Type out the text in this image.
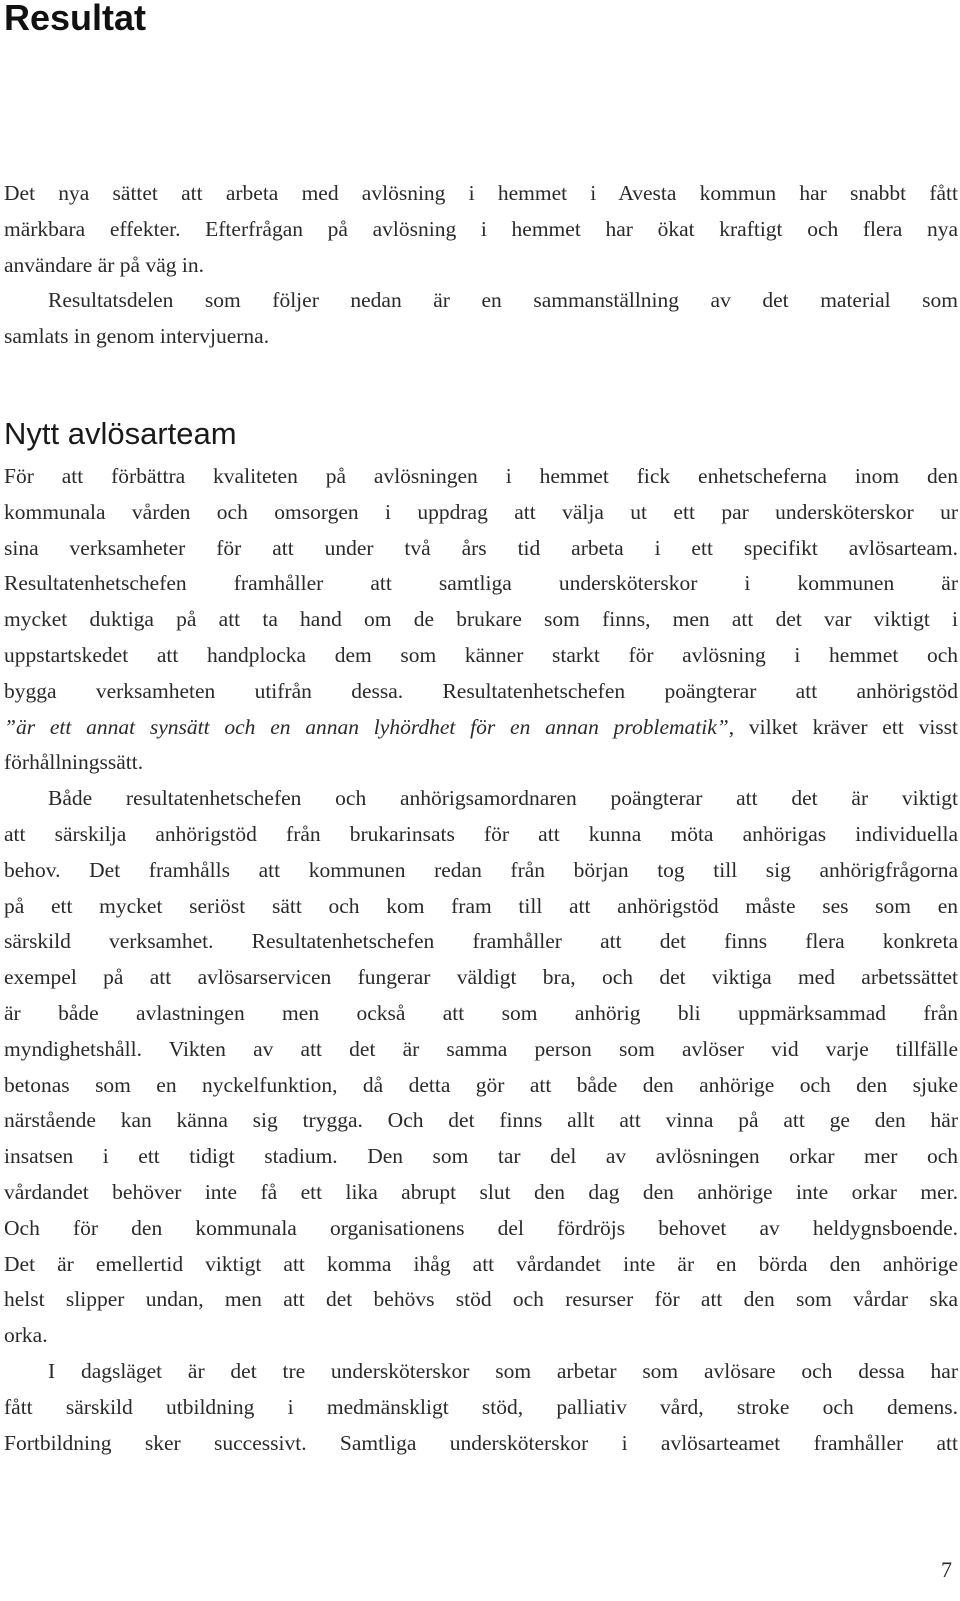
Resultat
Det nya sättet att arbeta med avlösning i hemmet i Avesta kommun har snabbt fått
märkbara effekter. Efterfrågan på avlösning i hemmet har ökat kraftigt och flera nya
användare är på väg in.
Resultatsdelen som följer nedan är en sammanställning av det material som
samlats in genom intervjuerna.
Nytt avlösarteam
För att förbättra kvaliteten på avlösningen i hemmet fick enhetscheferna inom den
kommunala vården och omsorgen i uppdrag att välja ut ett par undersköterskor ur
sina verksamheter för att under två års tid arbeta i ett specifikt avlösarteam.
Resultatenhetschefen framhåller att samtliga undersköterskor i kommunen är
mycket duktiga på att ta hand om de brukare som finns, men att det var viktigt i
uppstartskedet att handplocka dem som känner starkt för avlösning i hemmet och
bygga verksamheten utifrån dessa. Resultatenhetschefen poängterar att anhörigstöd
”är ett annat synsätt och en annan lyhördhet för en annan problematik”, vilket kräver ett visst
förhållningssätt.
Både resultatenhetschefen och anhörigsamordnaren poängterar att det är viktigt
att särskilja anhörigstöd från brukarinsats för att kunna möta anhörigas individuella
behov. Det framhålls att kommunen redan från början tog till sig anhörigfrågorna
på ett mycket seriöst sätt och kom fram till att anhörigstöd måste ses som en
särskild verksamhet. Resultatenhetschefen framhåller att det finns flera konkreta
exempel på att avlösarservicen fungerar väldigt bra, och det viktiga med arbetssättet
är både avlastningen men också att som anhörig bli uppmärksammad från
myndighetshåll. Vikten av att det är samma person som avlöser vid varje tillfälle
betonas som en nyckelfunktion, då detta gör att både den anhörige och den sjuke
närstående kan känna sig trygga. Och det finns allt att vinna på att ge den här
insatsen i ett tidigt stadium. Den som tar del av avlösningen orkar mer och
vårdandet behöver inte få ett lika abrupt slut den dag den anhörige inte orkar mer.
Och för den kommunala organisationens del fördröjs behovet av heldygnsboende.
Det är emellertid viktigt att komma ihåg att vårdandet inte är en börda den anhörige
helst slipper undan, men att det behövs stöd och resurser för att den som vårdar ska
orka.
I dagsläget är det tre undersköterskor som arbetar som avlösare och dessa har
fått särskild utbildning i medmänskligt stöd, palliativ vård, stroke och demens.
Fortbildning sker successivt. Samtliga undersköterskor i avlösarteamet framhåller att
7
